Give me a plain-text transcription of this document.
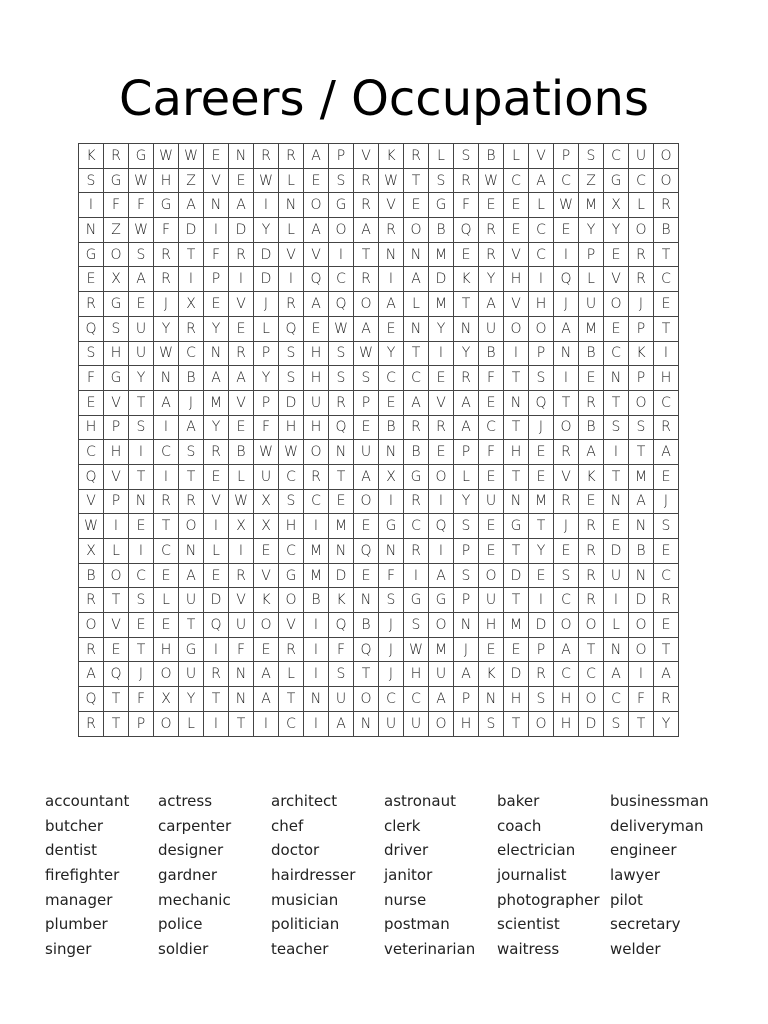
Careers / Occupations
K	R	G W W E	N	R	R	A	P	V	K	R	L	S	B	L	V	P	S	C	U	O
S	G W H	Z	V	E W	L	E	S	R W T	S	R W C	A	C	Z	G	C	O
I	F	F	G	A	N	A	I	N	O	G	R	V	E	G	F	E	E	L	W M	X	L	R
N	Z W	F	D	I	D	Y	L	A	O	A	R	O	B	Q	R	E	C	E	Y	Y	O	B
G	O	S	R	T	F	R	D	V	V	I	T	N	N M	E	R	V	C	I	P	E	R	T
E	X	A	R	I	P	I	D	I	Q	C	R	I	A	D	K	Y	H	I	Q	L	V	R	C
R	G	E	J	X	E	V	J	R	A	Q O	A	L	M	T	A	V	H	J	U	O	J	E
Q	S	U	Y	R	Y	E	L	Q	E W A	E	N	Y	N	U	O O	A	M	E	P	T
S	H	U W C	N	R	P	S	H	S W Y	T	I	Y	B	I	P	N	B	C	K	I
F	G	Y	N	B	A	A	Y	S	H	S	S	C	C	E	R	F	T	S	I	E	N	P	H
E	V	T	A	J	M	V	P	D	U	R	P	E	A	V	A	E	N	Q	T	R	T	O	C
H	P	S	I	A	Y	E	F	H	H	Q	E	B	R	R	A	C	T	J	O	B	S	S	R
C	H	I	C	S	R	B W W O	N	U	N	B	E	P	F	H	E	R	A	I	T	A
Q	V	T	I	T	E	L	U	C	R	T	A	X	G	O	L	E	T	E	V	K	T	M	E
V	P	N	R	R	V W X	S	C	E	O	I	R	I	Y	U	N M	R	E	N	A	J
W	I	E	T	O	I	X	X	H	I	M	E	G	C	Q	S	E	G	T	J	R	E	N	S
X	L	I	C	N	L	I	E	C	M N	Q	N	R	I	P	E	T	Y	E	R	D	B	E
B	O	C	E	A	E	R	V	G M D	E	F	I	A	S	O	D	E	S	R	U	N	C
R	T	S	L	U	D	V	K	O	B	K	N	S	G	G	P	U	T	I	C	R	I	D	R
O	V	E	E	T	Q	U	O	V	I	Q	B	J	S	O	N	H M D	O O	L	O	E
R	E	T	H	G	I	F	E	R	I	F	Q	J	W M	J	E	E	P	A	T	N	O	T
A	Q	J	O	U	R	N	A	L	I	S	T	J	H	U	A	K	D	R	C	C	A	I	A
Q	T	F	X	Y	T	N	A	T	N	U	O	C	C	A	P	N	H	S	H	O	C	F	R
R	T	P	O	L	I	T	I	C	I	A	N	U	U	O	H	S	T	O	H	D	S	T	Y
accountant	actress	architect	astronaut	baker	businessman
butcher	carpenter	chef	clerk	coach	deliveryman
dentist	designer	doctor	driver	electrician	engineer
firefighter	gardner	hairdresser	janitor	journalist	lawyer
manager	mechanic	musician	nurse	photographer pilot
plumber	police	politician	postman	scientist	secretary
singer	soldier	teacher	veterinarian	waitress	welder
